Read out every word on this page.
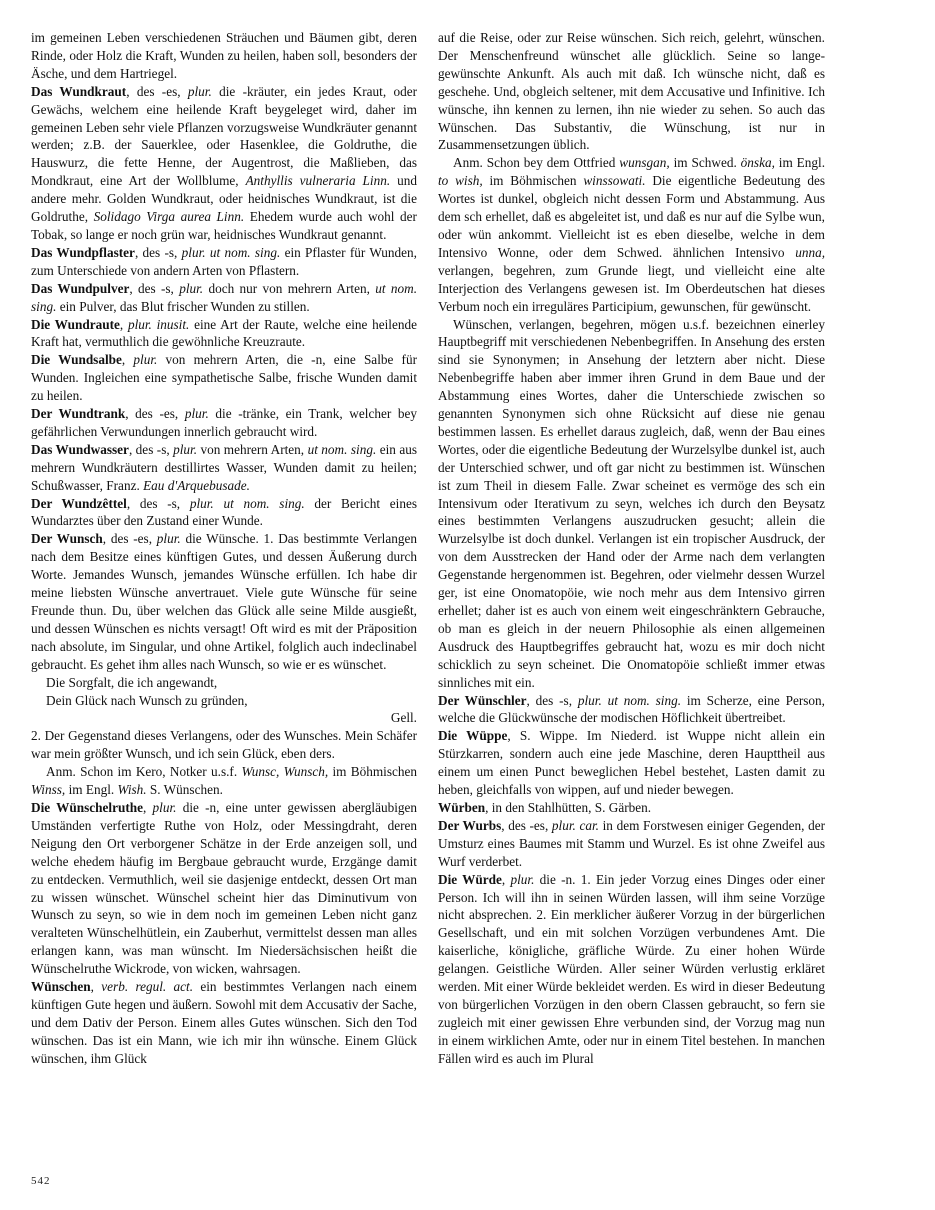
im gemeinen Leben verschiedenen Sträuchen und Bäumen gibt, deren Rinde, oder Holz die Kraft, Wunden zu heilen, haben soll, besonders der Äsche, und dem Hartriegel.

Das Wundkraut, des -es, plur. die -kräuter, ein jedes Kraut, oder Gewächs, welchem eine heilende Kraft beygeleget wird, daher im gemeinen Leben sehr viele Pflanzen vorzugsweise Wundkräuter genannt werden; z.B. der Sauerklee, oder Hasenklee, die Goldruthe, die Hauswurz, die fette Henne, der Augentrost, die Maßlieben, das Mondkraut, eine Art der Wollblume, Anthyllis vulneraria Linn. und andere mehr. Golden Wundkraut, oder heidnisches Wundkraut, ist die Goldruthe, Solidago Virga aurea Linn. Ehedem wurde auch wohl der Tobak, so lange er noch grün war, heidnisches Wundkraut genannt.

Das Wundpflaster, des -s, plur. ut nom. sing. ein Pflaster für Wunden, zum Unterschiede von andern Arten von Pflastern.

Das Wundpulver, des -s, plur. doch nur von mehrern Arten, ut nom. sing. ein Pulver, das Blut frischer Wunden zu stillen.

Die Wundraute, plur. inusit. eine Art der Raute, welche eine heilende Kraft hat, vermuthlich die gewöhnliche Kreuzraute.

Die Wundsalbe, plur. von mehrern Arten, die -n, eine Salbe für Wunden. Ingleichen eine sympathetische Salbe, frische Wunden damit zu heilen.

Der Wundtrank, des -es, plur. die -tränke, ein Trank, welcher bey gefährlichen Verwundungen innerlich gebraucht wird.

Das Wundwasser, des -s, plur. von mehrern Arten, ut nom. sing. ein aus mehrern Wundkräutern destillirtes Wasser, Wunden damit zu heilen; Schußwasser, Franz. Eau d'Arquebusade.

Der Wundzêttel, des -s, plur. ut nom. sing. der Bericht eines Wundarztes über den Zustand einer Wunde.

Der Wunsch, des -es, plur. die Wünsche. 1. Das bestimmte Verlangen nach dem Besitze eines künftigen Gutes, und dessen Äußerung durch Worte. Jemandes Wunsch, jemandes Wünsche erfüllen. Ich habe dir meine liebsten Wünsche anvertrauet. Viele gute Wünsche für seine Freunde thun. Du, über welchen das Glück alle seine Milde ausgießt, und dessen Wünschen es nichts versagt! Oft wird es mit der Präposition nach absolute, im Singular, und ohne Artikel, folglich auch indeclinabel gebraucht. Es gehet ihm alles nach Wunsch, so wie er es wünschet.

Die Sorgfalt, die ich angewandt,

Dein Glück nach Wunsch zu gründen,

Gell.

2. Der Gegenstand dieses Verlangens, oder des Wunsches. Mein Schäfer war mein größter Wunsch, und ich sein Glück, eben ders.

Anm. Schon im Kero, Notker u.s.f. Wunsc, Wunsch, im Böhmischen Winss, im Engl. Wish. S. Wünschen.

Die Wünschelruthe, plur. die -n, eine unter gewissen abergläubigen Umständen verfertigte Ruthe von Holz, oder Messingdraht, deren Neigung den Ort verborgener Schätze in der Erde anzeigen soll, und welche ehedem häufig im Bergbaue gebraucht wurde, Erzgänge damit zu entdecken. Vermuthlich, weil sie dasjenige entdeckt, dessen Ort man zu wissen wünschet. Wünschel scheint hier das Diminutivum von Wunsch zu seyn, so wie in dem noch im gemeinen Leben nicht ganz veralteten Wünschelhütlein, ein Zauberhut, vermittelst dessen man alles erlangen kann, was man wünscht. Im Niedersächsischen heißt die Wünschelruthe Wickrode, von wicken, wahrsagen.

Wünschen, verb. regul. act. ein bestimmtes Verlangen nach einem künftigen Gute hegen und äußern. Sowohl mit dem Accusativ der Sache, und dem Dativ der Person. Einem alles Gutes wünschen. Sich den Tod wünschen. Das ist ein Mann, wie ich mir ihn wünsche. Einem Glück wünschen, ihm Glück

auf die Reise, oder zur Reise wünschen. Sich reich, gelehrt, wünschen. Der Menschenfreund wünschet alle glücklich. Seine so lange-gewünschte Ankunft. Als auch mit daß. Ich wünsche nicht, daß es geschehe. Und, obgleich seltener, mit dem Accusative und Infinitive. Ich wünsche, ihn kennen zu lernen, ihn nie wieder zu sehen. So auch das Wünschen. Das Substantiv, die Wünschung, ist nur in Zusammensetzungen üblich.

Anm. Schon bey dem Ottfried wunsgan, im Schwed. önska, im Engl. to wish, im Böhmischen winssowati. Die eigentliche Bedeutung des Wortes ist dunkel, obgleich nicht dessen Form und Abstammung. Aus dem sch erhellet, daß es abgeleitet ist, und daß es nur auf die Sylbe wun, oder wün ankommt. Vielleicht ist es eben dieselbe, welche in dem Intensivo Wonne, oder dem Schwed. ähnlichen Intensivo unna, verlangen, begehren, zum Grunde liegt, und vielleicht eine alte Interjection des Verlangens gewesen ist. Im Oberdeutschen hat dieses Verbum noch ein irreguläres Participium, gewunschen, für gewünscht.

Wünschen, verlangen, begehren, mögen u.s.f. bezeichnen einerley Hauptbegriff mit verschiedenen Nebenbegriffen. In Ansehung des ersten sind sie Synonymen; in Ansehung der letztern aber nicht. Diese Nebenbegriffe haben aber immer ihren Grund in dem Baue und der Abstammung eines Wortes, daher die Unterschiede zwischen so genannten Synonymen sich ohne Rücksicht auf diese nie genau bestimmen lassen. Es erhellet daraus zugleich, daß, wenn der Bau eines Wortes, oder die eigentliche Bedeutung der Wurzelsylbe dunkel ist, auch der Unterschied schwer, und oft gar nicht zu bestimmen ist. Wünschen ist zum Theil in diesem Falle. Zwar scheinet es vermöge des sch ein Intensivum oder Iterativum zu seyn, welches ich durch den Beysatz eines bestimmten Verlangens auszudrucken gesucht; allein die Wurzelsylbe ist doch dunkel. Verlangen ist ein tropischer Ausdruck, der von dem Ausstrecken der Hand oder der Arme nach dem verlangten Gegenstande hergenommen ist. Begehren, oder vielmehr dessen Wurzel ger, ist eine Onomatopöie, wie noch mehr aus dem Intensivo girren erhellet; daher ist es auch von einem weit eingeschränktern Gebrauche, ob man es gleich in der neuern Philosophie als einen allgemeinen Ausdruck des Hauptbegriffes gebraucht hat, wozu es mir doch nicht schicklich zu seyn scheinet. Die Onomatopöie schließt immer etwas sinnliches mit ein.

Der Wünschler, des -s, plur. ut nom. sing. im Scherze, eine Person, welche die Glückwünsche der modischen Höflichkeit übertreibet.

Die Wüppe, S. Wippe. Im Niederd. ist Wuppe nicht allein ein Stürzkarren, sondern auch eine jede Maschine, deren Haupttheil aus einem um einen Punct beweglichen Hebel bestehet, Lasten damit zu heben, gleichfalls von wippen, auf und nieder bewegen.

Würben, in den Stahlhütten, S. Gärben.

Der Wurbs, des -es, plur. car. in dem Forstwesen einiger Gegenden, der Umsturz eines Baumes mit Stamm und Wurzel. Es ist ohne Zweifel aus Wurf verderbet.

Die Würde, plur. die -n. 1. Ein jeder Vorzug eines Dinges oder einer Person. Ich will ihn in seinen Würden lassen, will ihm seine Vorzüge nicht absprechen. 2. Ein merklicher äußerer Vorzug in der bürgerlichen Gesellschaft, und ein mit solchen Vorzügen verbundenes Amt. Die kaiserliche, königliche, gräfliche Würde. Zu einer hohen Würde gelangen. Geistliche Würden. Aller seiner Würden verlustig erkläret werden. Mit einer Würde bekleidet werden. Es wird in dieser Bedeutung von bürgerlichen Vorzügen in den obern Classen gebraucht, so fern sie zugleich mit einer gewissen Ehre verbunden sind, der Vorzug mag nun in einem wirklichen Amte, oder nur in einem Titel bestehen. In manchen Fällen wird es auch im Plural

542
